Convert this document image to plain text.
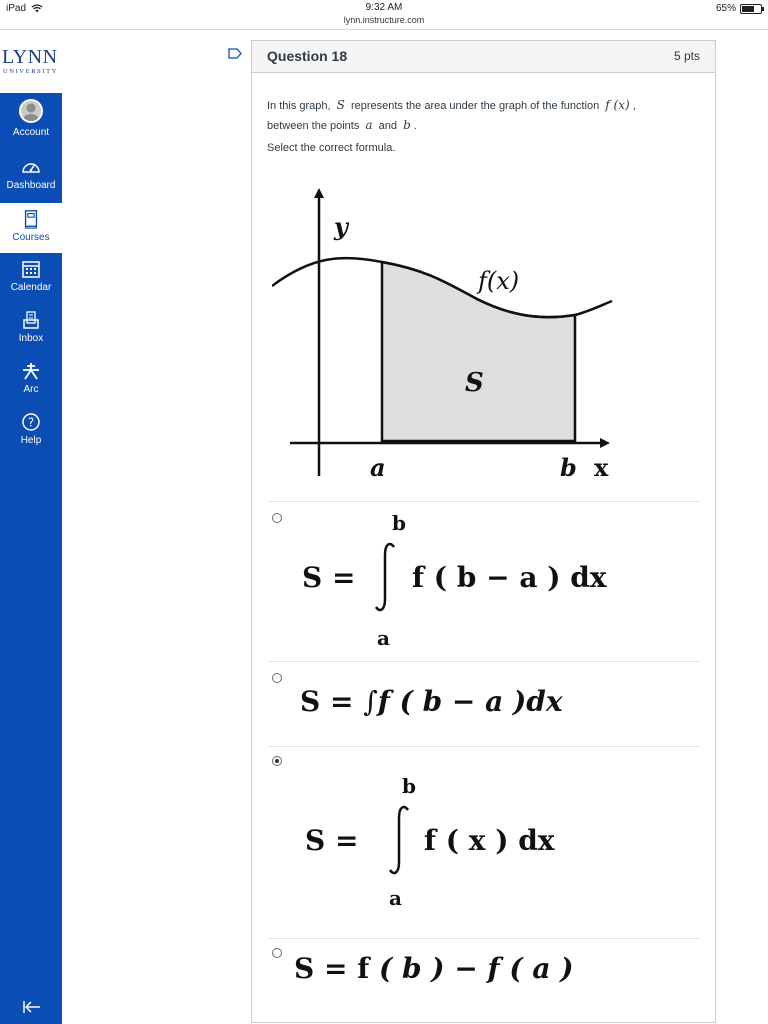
iPad	9:32 AM
lynn.instructure.com
65%
LYNN
UNIVERSITY
Account
Dashboard
Courses
Calendar
Inbox
Arc
?
Help
Question 18	5 pts
In this graph, S represents the area under the graph of the function f (x) ,
between the points a and b .
Select the correct formula.
y
x
f(x)
S
a	b
b
S = f ( b − a ) dx
a
S = ∫f ( b − a )dx
b
S = f ( x ) dx
a
S = f ( b ) − f ( a )
